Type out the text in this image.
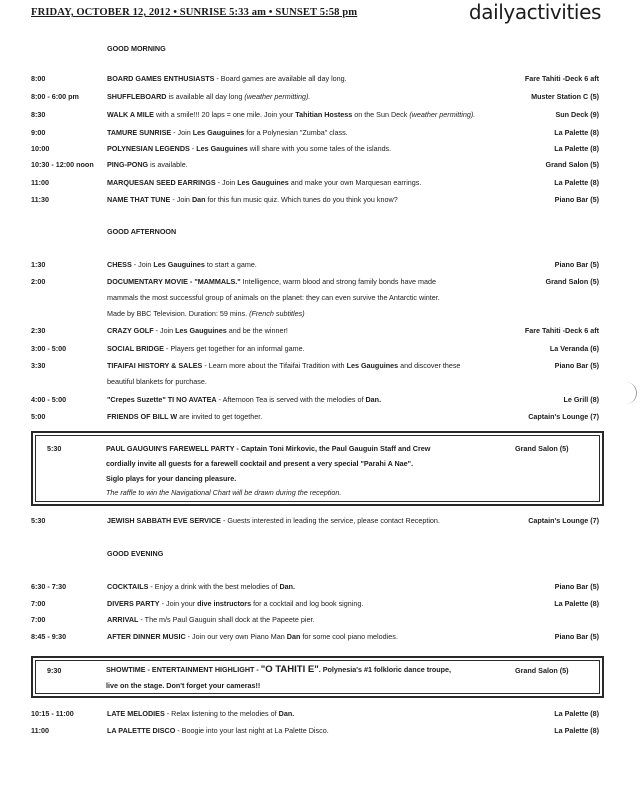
FRIDAY, OCTOBER 12, 2012 • SUNRISE 5:33 am • SUNSET 5:58 pm	dailyactivities
GOOD MORNING
8:00	BOARD GAMES ENTHUSIASTS - Board games are available all day long.	Fare Tahiti -Deck 6 aft
8:00 - 6:00 pm	SHUFFLEBOARD is available all day long (weather permitting).	Muster Station C (5)
8:30	WALK A MILE with a smile!!! 20 laps = one mile. Join your Tahitian Hostess on the Sun Deck (weather permitting).	Sun Deck (9)
9:00	TAMURE SUNRISE - Join Les Gauguines for a Polynesian "Zumba" class.	La Palette (8)
10:00	POLYNESIAN LEGENDS - Les Gauguines will share with you some tales of the islands.	La Palette (8)
10:30 - 12:00 noon PING-PONG is available.	Grand Salon (5)
11:00	MARQUESAN SEED EARRINGS - Join Les Gauguines and make your own Marquesan earrings.	La Palette (8)
11:30	NAME THAT TUNE - Join Dan for this fun music quiz. Which tunes do you think you know?	Piano Bar (5)
GOOD AFTERNOON
1:30	CHESS - Join Les Gauguines to start a game.	Piano Bar (5)
2:00	DOCUMENTARY MOVIE - "MAMMALS." Intelligence, warm blood and strong family bonds have made	Grand Salon (5)
mammals the most successful group of animals on the planet: they can even survive the Antarctic winter.
Made by BBC Television. Duration: 59 mins. (French subtitles)
2:30	CRAZY GOLF - Join Les Gauguines and be the winner!	Fare Tahiti -Deck 6 aft
3:00 - 5:00	SOCIAL BRIDGE - Players get together for an informal game.	La Veranda (6)
3:30	TIFAIFAI HISTORY & SALES - Learn more about the Tifaifai Tradition with Les Gauguines and discover these	Piano Bar (5)
beautiful blankets for purchase.
4:00 - 5:00	"Crepes Suzette" TI NO AVATEA - Afternoon Tea is served with the melodies of Dan.	Le Grill (8)
5:00	FRIENDS OF BILL W are invited to get together.	Captain's Lounge (7)
5:30	PAUL GAUGUIN'S FAREWELL PARTY - Captain Toni Mirkovic, the Paul Gauguin Staff and Crew	Grand Salon (5)
cordially invite all guests for a farewell cocktail and present a very special "Parahi A Nae".
Siglo plays for your dancing pleasure.
The raffle to win the Navigational Chart will be drawn during the reception.
5:30	JEWISH SABBATH EVE SERVICE - Guests interested in leading the service, please contact Reception.	Captain's Lounge (7)
GOOD EVENING
6:30 - 7:30	COCKTAILS - Enjoy a drink with the best melodies of Dan.	Piano Bar (5)
7:00	DIVERS PARTY - Join your dive instructors for a cocktail and log book signing.	La Palette (8)
7:00	ARRIVAL - The m/s Paul Gauguin shall dock at the Papeete pier.
8:45 - 9:30	AFTER DINNER MUSIC - Join our very own Piano Man Dan for some cool piano melodies.	Piano Bar (5)
9:30	SHOWTIME - ENTERTAINMENT HIGHLIGHT - "O TAHITI E". Polynesia's #1 folkloric dance troupe,
live on the stage. Don't forget your cameras!!
Grand Salon (5)
10:15 - 11:00	LATE MELODIES - Relax listening to the melodies of Dan.	La Palette (8)
11:00	LA PALETTE DISCO - Boogie into your last night at La Palette Disco.	La Palette (8)
